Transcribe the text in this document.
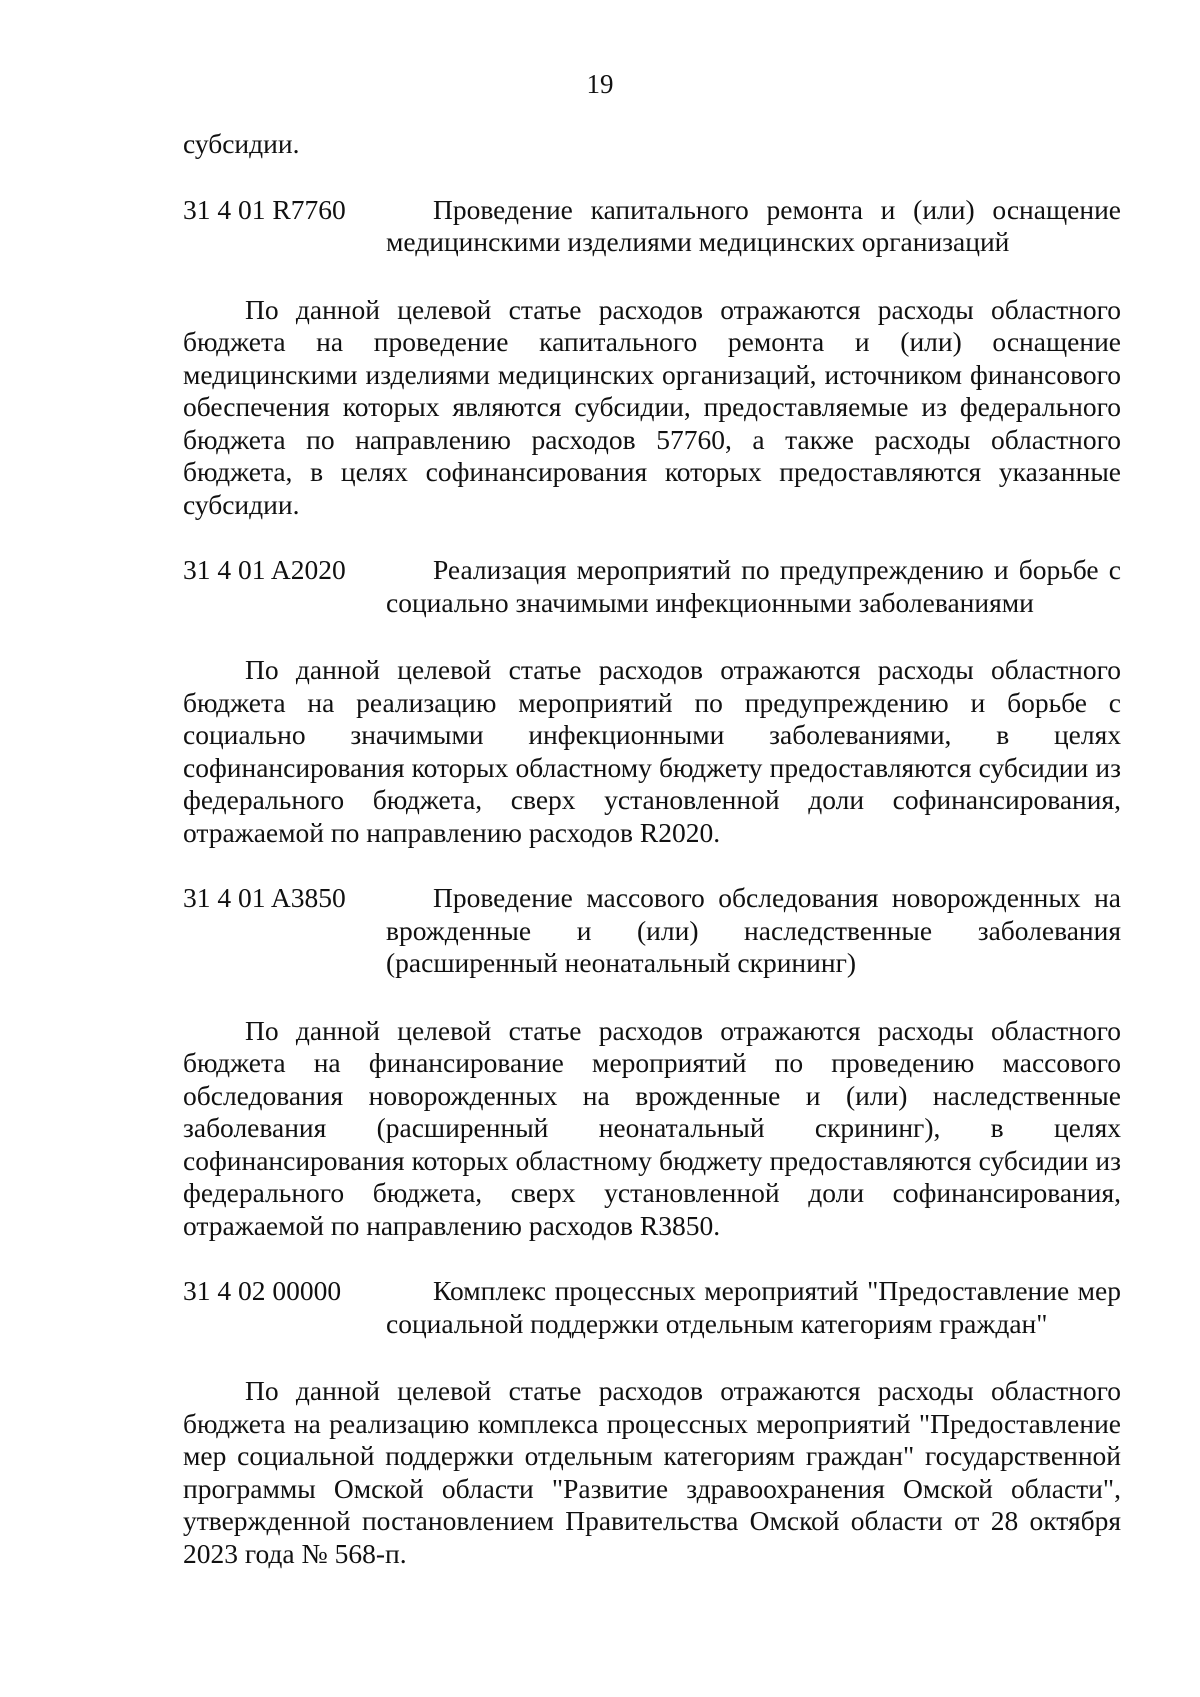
19

субсидии.

31 4 01 R7760	Проведение капитального ремонта и (или) оснащение медицинскими изделиями медицинских организаций

По данной целевой статье расходов отражаются расходы областного бюджета на проведение капитального ремонта и (или) оснащение медицинскими изделиями медицинских организаций, источником финансового обеспечения которых являются субсидии, предоставляемые из федерального бюджета по направлению расходов 57760, а также расходы областного бюджета, в целях софинансирования которых предоставляются указанные субсидии.

31 4 01 A2020	Реализация мероприятий по предупреждению и борьбе с социально значимыми инфекционными заболеваниями

По данной целевой статье расходов отражаются расходы областного бюджета на реализацию мероприятий по предупреждению и борьбе с социально значимыми инфекционными заболеваниями, в целях софинансирования которых областному бюджету предоставляются субсидии из федерального бюджета, сверх установленной доли софинансирования, отражаемой по направлению расходов R2020.

31 4 01 A3850	Проведение массового обследования новорожденных на врожденные и (или) наследственные заболевания (расширенный неонатальный скрининг)

По данной целевой статье расходов отражаются расходы областного бюджета на финансирование мероприятий по проведению массового обследования новорожденных на врожденные и (или) наследственные заболевания (расширенный неонатальный скрининг), в целях софинансирования которых областному бюджету предоставляются субсидии из федерального бюджета, сверх установленной доли софинансирования, отражаемой по направлению расходов R3850.

31 4 02 00000	Комплекс процессных мероприятий "Предоставление мер социальной поддержки отдельным категориям граждан"

По данной целевой статье расходов отражаются расходы областного бюджета на реализацию комплекса процессных мероприятий "Предоставление мер социальной поддержки отдельным категориям граждан" государственной программы Омской области "Развитие здравоохранения Омской области", утвержденной постановлением Правительства Омской области от 28 октября 2023 года № 568-п.
